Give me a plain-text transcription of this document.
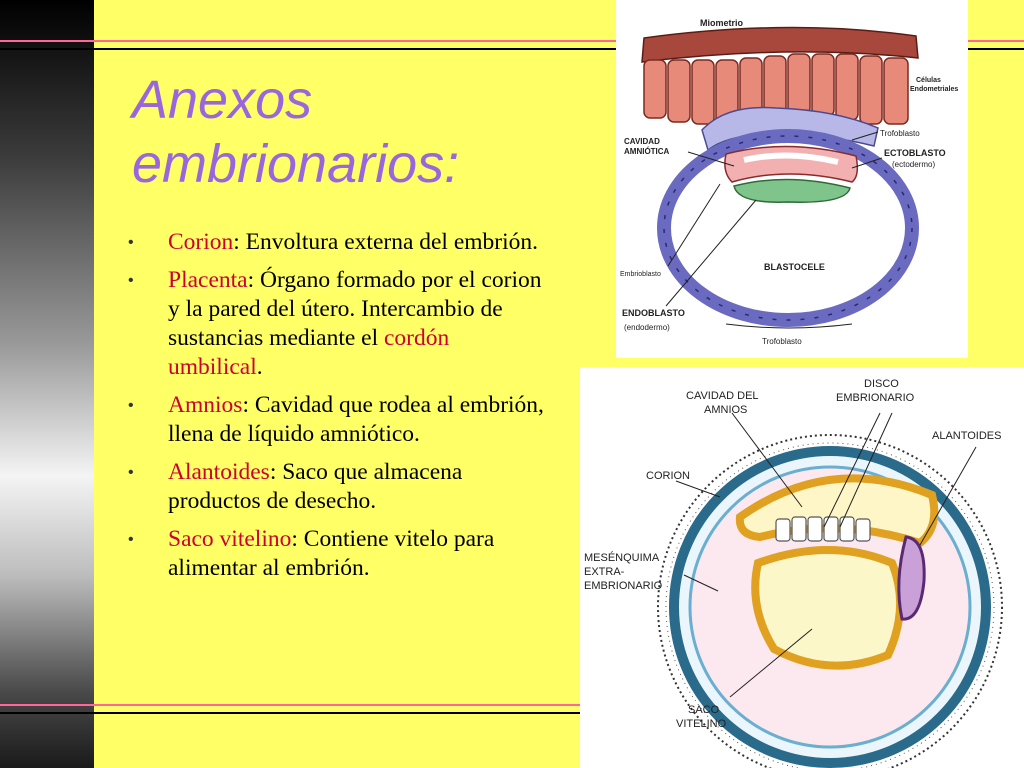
Anexos
embrionarios:
• Corion: Envoltura externa del embrión.
• Placenta: Órgano formado por el corion y la pared del útero. Intercambio de sustancias mediante el cordón umbilical.
• Amnios: Cavidad que rodea al embrión, llena de líquido amniótico.
• Alantoides: Saco que almacena productos de desecho.
• Saco vitelino: Contiene vitelo para alimentar al embrión.
Miometrio
Células
Endometriales
Trofoblasto
CAVIDAD
AMNIÓTICA	ECTOBLASTO
(ectodermo)
Embrioblasto
BLASTOCELE
ENDOBLASTO
(endodermo)
Trofoblasto
CAVIDAD DEL
AMNIOS
DISCO
EMBRIONARIO
ALANTOIDES
CORION
MESÉNQUIMA
EXTRA-
EMBRIONARIO
SACO
VITELINO
